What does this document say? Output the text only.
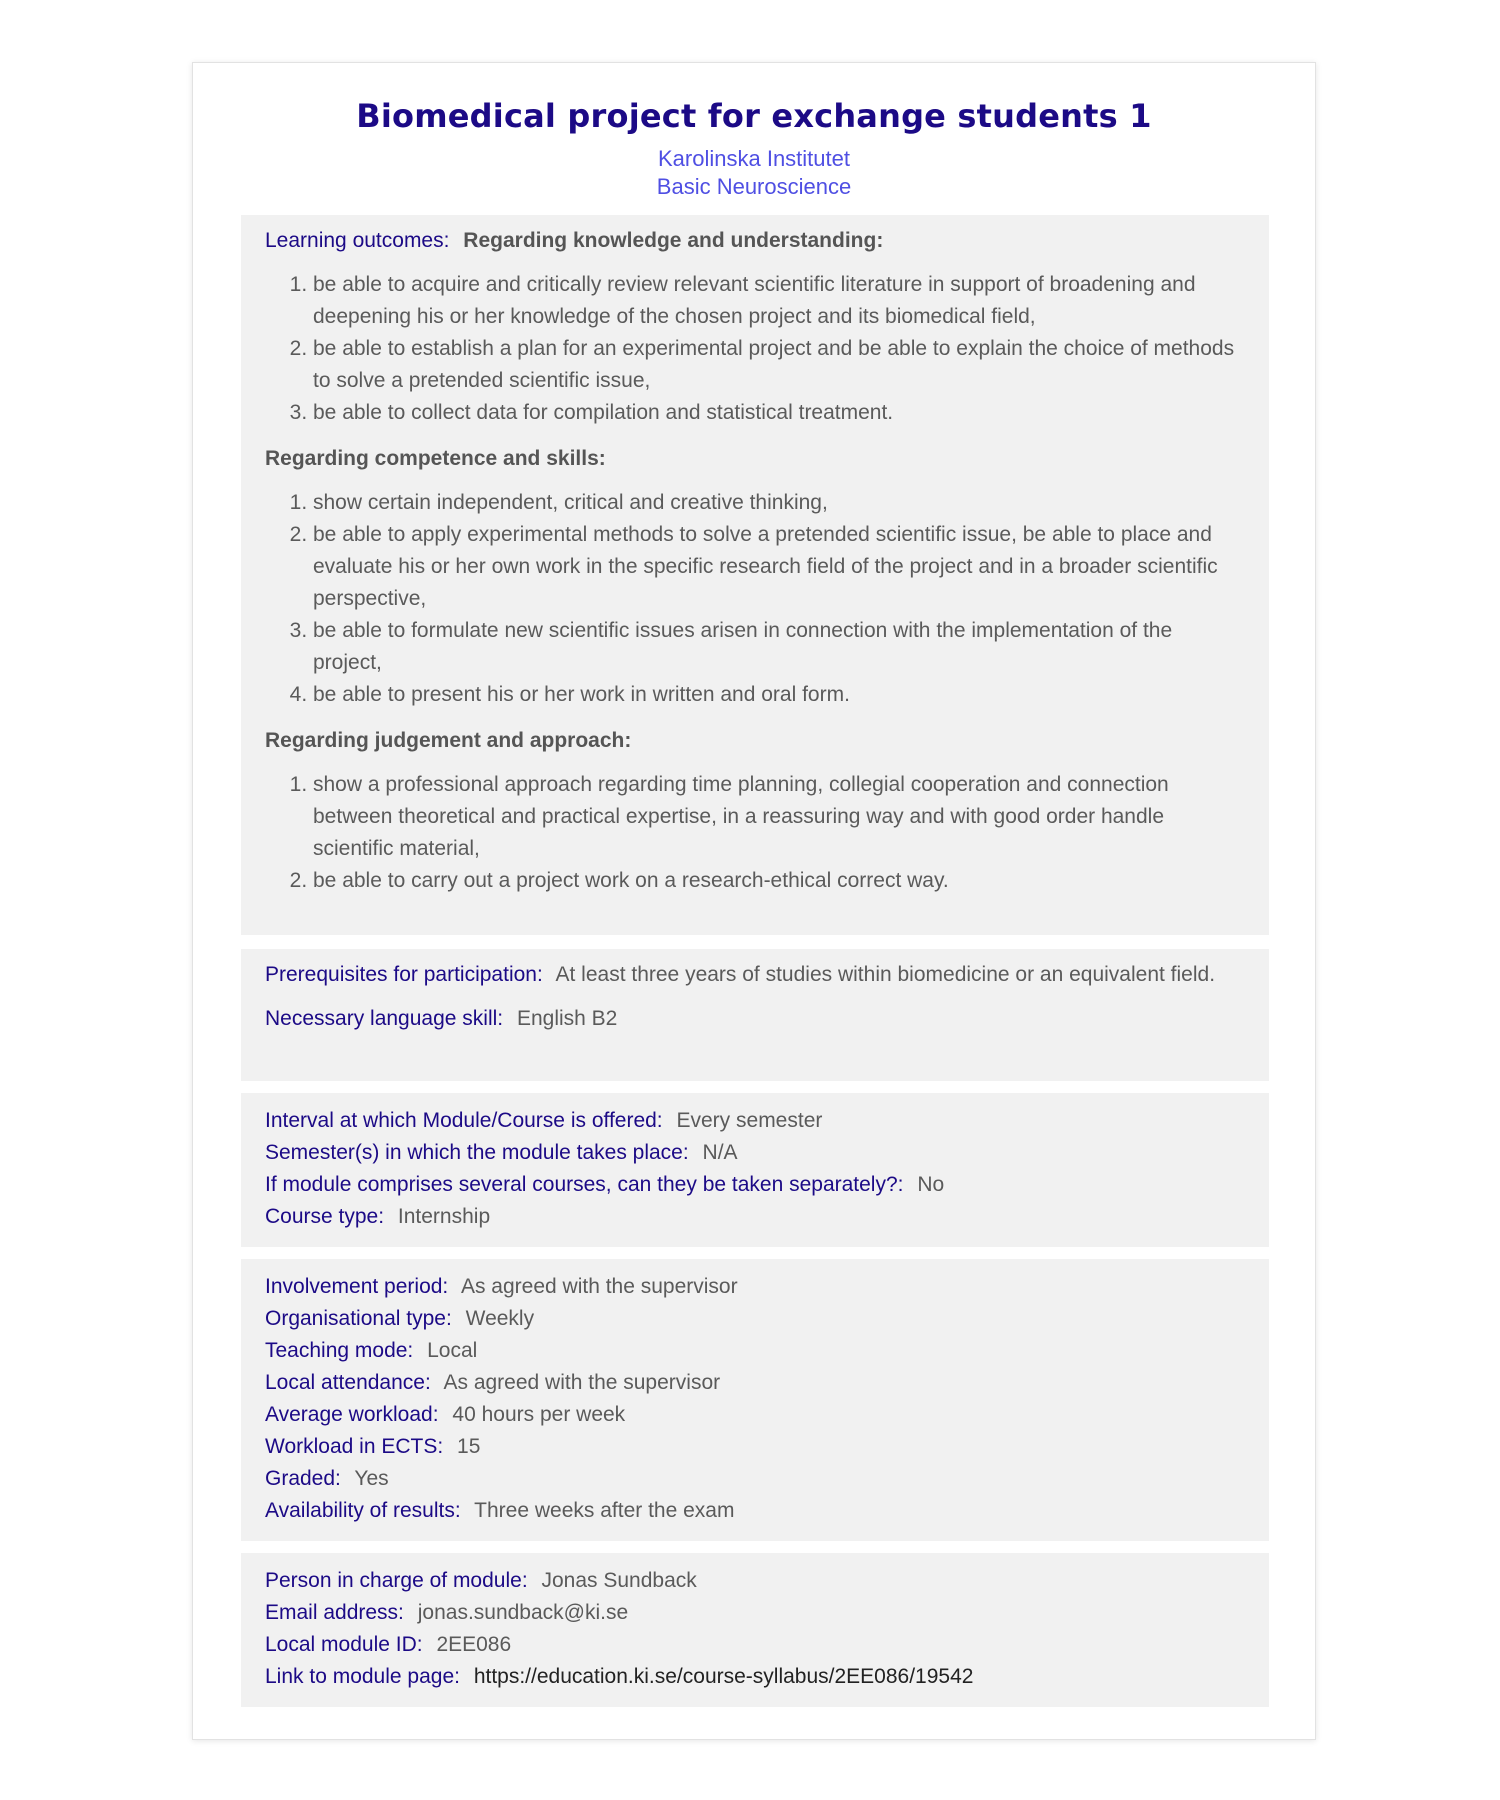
Biomedical project for exchange students 1
Karolinska Institutet
Basic Neuroscience
Learning outcomes: Regarding knowledge and understanding:
1. be able to acquire and critically review relevant scientific literature in support of broadening and deepening his or her knowledge of the chosen project and its biomedical field,
2. be able to establish a plan for an experimental project and be able to explain the choice of methods to solve a pretended scientific issue,
3. be able to collect data for compilation and statistical treatment.
Regarding competence and skills:
1. show certain independent, critical and creative thinking,
2. be able to apply experimental methods to solve a pretended scientific issue, be able to place and evaluate his or her own work in the specific research field of the project and in a broader scientific perspective,
3. be able to formulate new scientific issues arisen in connection with the implementation of the project,
4. be able to present his or her work in written and oral form.
Regarding judgement and approach:
1. show a professional approach regarding time planning, collegial cooperation and connection between theoretical and practical expertise, in a reassuring way and with good order handle scientific material,
2. be able to carry out a project work on a research-ethical correct way.
Prerequisites for participation: At least three years of studies within biomedicine or an equivalent field.
Necessary language skill: English B2
Interval at which Module/Course is offered: Every semester
Semester(s) in which the module takes place: N/A
If module comprises several courses, can they be taken separately?: No
Course type: Internship
Involvement period: As agreed with the supervisor
Organisational type: Weekly
Teaching mode: Local
Local attendance: As agreed with the supervisor
Average workload: 40 hours per week
Workload in ECTS: 15
Graded: Yes
Availability of results: Three weeks after the exam
Person in charge of module: Jonas Sundback
Email address: jonas.sundback@ki.se
Local module ID: 2EE086
Link to module page: https://education.ki.se/course-syllabus/2EE086/19542
